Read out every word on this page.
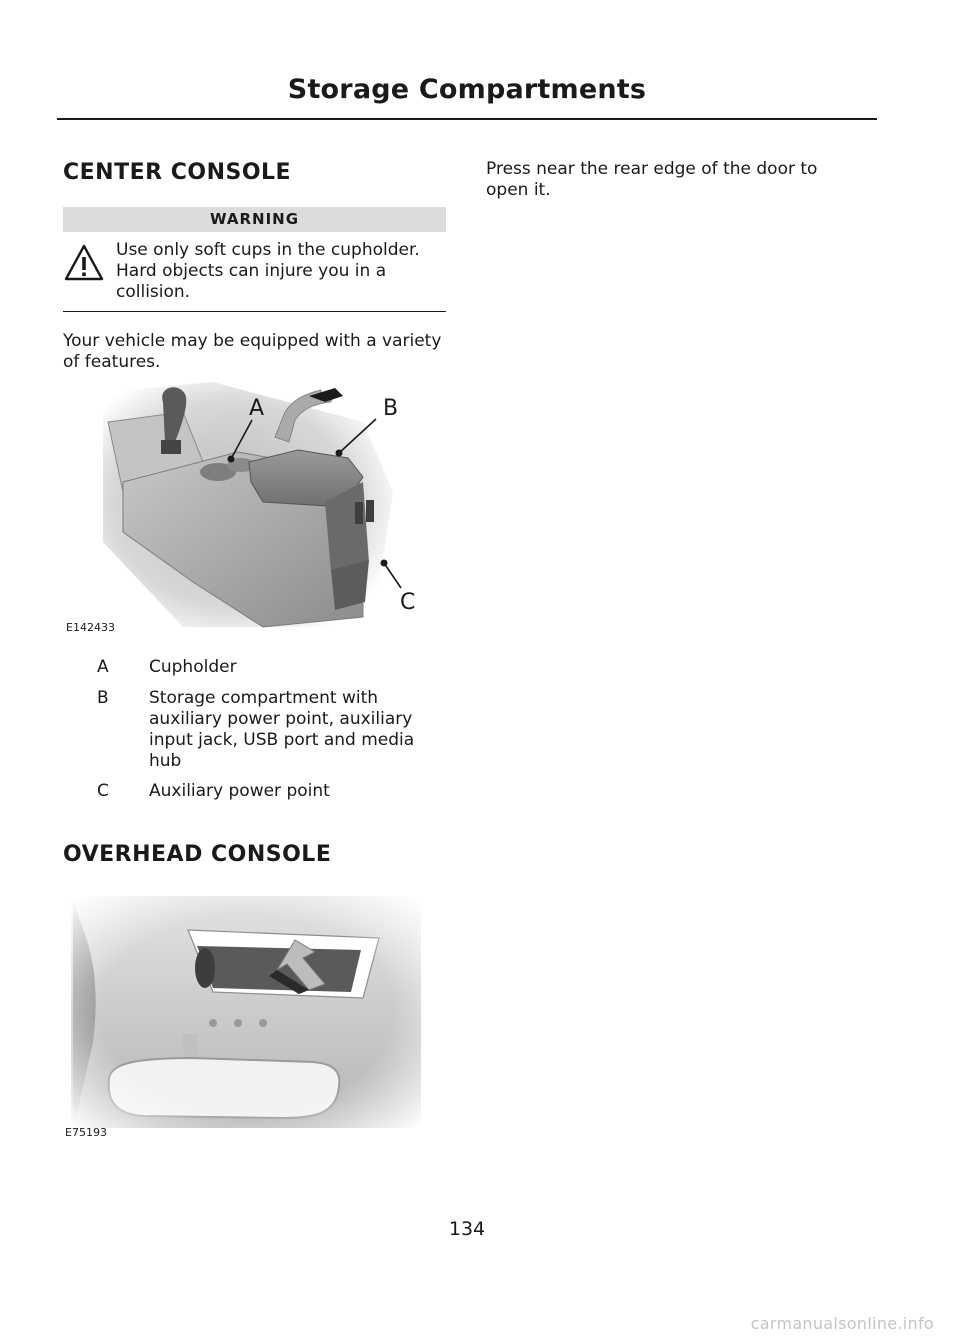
Storage Compartments
CENTER CONSOLE
WARNING
Use only soft cups in the cupholder. Hard objects can injure you in a collision.
Your vehicle may be equipped with a variety of features.
A	B
C
E142433
A	Cupholder
B	Storage compartment with auxiliary power point, auxiliary input jack, USB port and media hub
C	Auxiliary power point
OVERHEAD CONSOLE
E75193
Press near the rear edge of the door to open it.
134
carmanualsonline.info
